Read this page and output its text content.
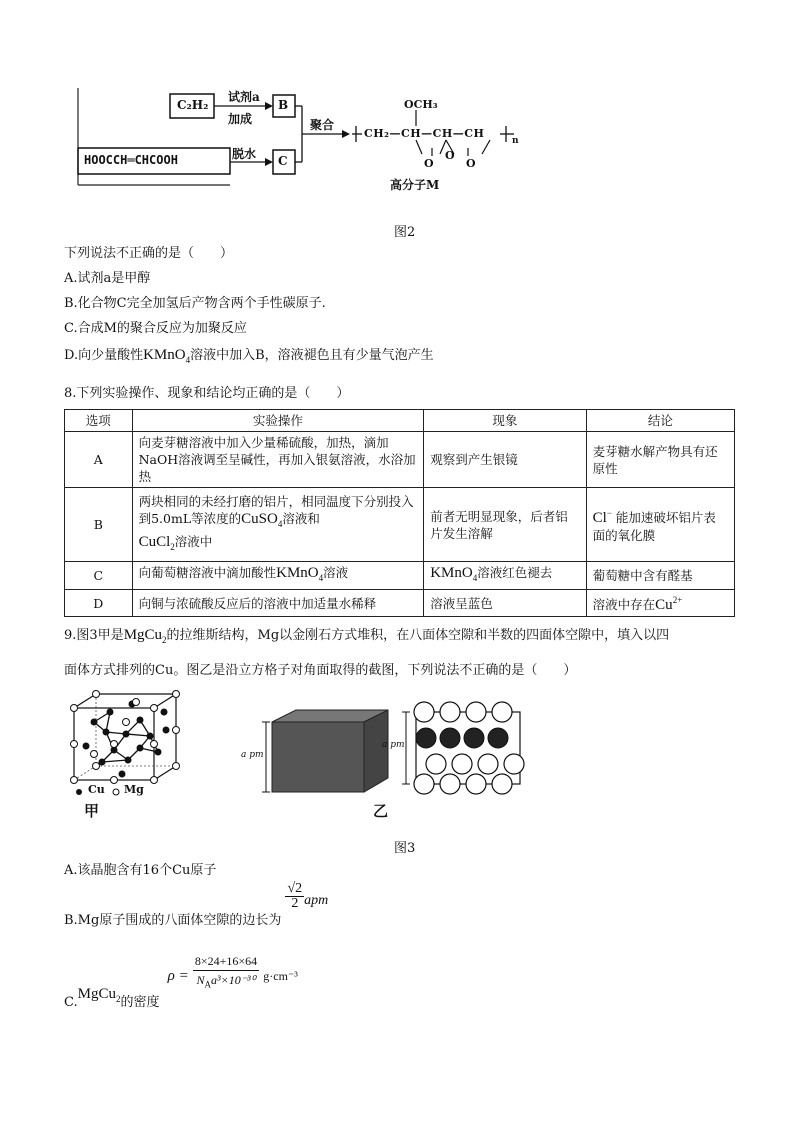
C₂H₂
试剂a
加成
B
HOOCCH═CHCOOH	脱水 C
聚合
OCH₃
CH₂—CH—CH—CH
O
O
O
n
高分子M
图2
下列说法不正确的是（　　）
A.试剂a是甲醇
B.化合物C完全加氢后产物含两个手性碳原子.
C.合成M的聚合反应为加聚反应
D.向少量酸性KMnO$_4$溶液中加入B，溶液褪色且有少量气泡产生
8.下列实验操作、现象和结论均正确的是（　　）
选项	实验操作	现象	结论
A	向麦芽糖溶液中加入少量稀硫酸，加热，滴加NaOH溶液调至呈碱性，再加入银氨溶液，水浴加热	观察到产生银镜	麦芽糖水解产物具有还原性
B	两块相同的未经打磨的铝片，相同温度下分别投入到5.0mL等浓度的CuSO$_4$溶液和
CuCl$_2$溶液中	前者无明显现象，后者铝片发生溶解	Cl− 能加速破坏铝片表面的氧化膜
C	向葡萄糖溶液中滴加酸性KMnO$_4$溶液	KMnO$_4$溶液红色褪去	葡萄糖中含有醛基
D	向铜与浓硫酸反应后的溶液中加适量水稀释	溶液呈蓝色	溶液中存在$Cu^{2+}$
9.图3甲是MgCu$_2$的拉维斯结构，Mg以金刚石方式堆积，在八面体空隙和半数的四面体空隙中，填入以四
面体方式排列的Cu。图乙是沿立方格子对角面取得的截图，下列说法不正确的是（　　）
Cu Mg
甲
a pm
a pm
乙
图3
A.该晶胞含有16个Cu原子
B.Mg原子围成的八面体空隙的边长为
$\frac{√2}{2}$ apm
C.MgCu$_2$的密度 $\rho = \frac{8\times 24+16\times 64}{N_Aa^3\times 10^{-30}} g\cdot cm^{-3}$
